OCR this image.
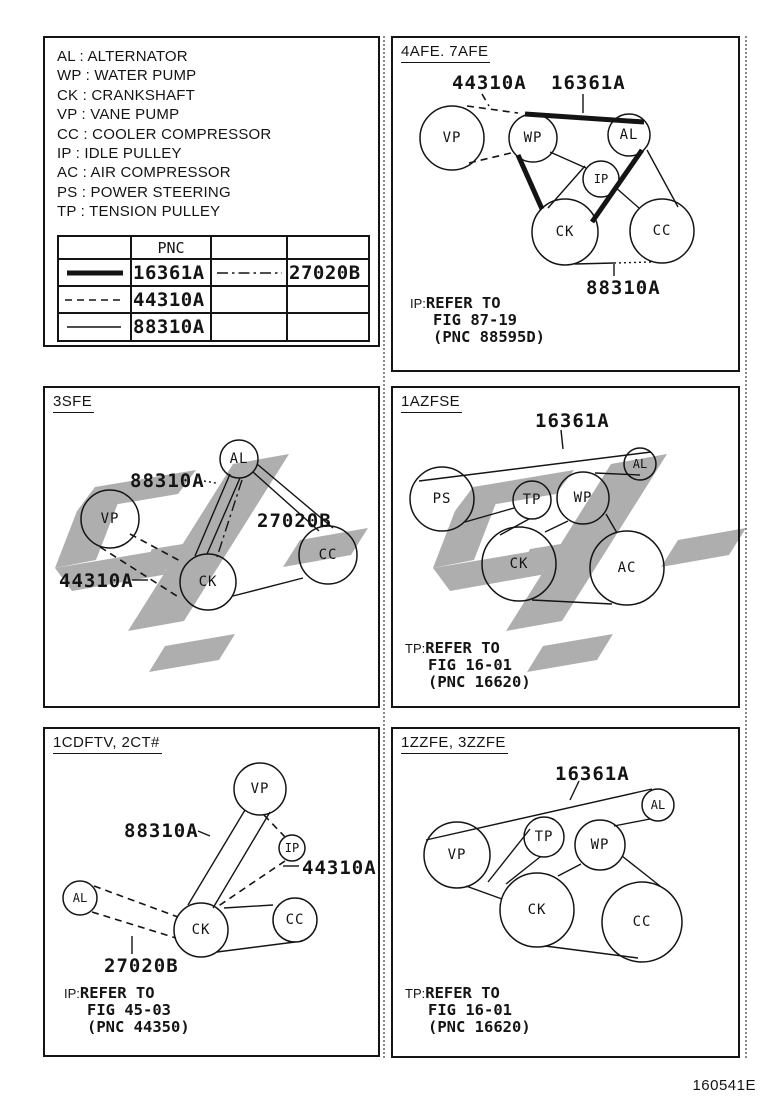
AL : ALTERNATOR
WP : WATER PUMP
CK : CRANKSHAFT
VP : VANE PUMP
CC : COOLER COMPRESSOR
IP : IDLE PULLEY
AC : AIR COMPRESSOR
PS : POWER STEERING
TP : TENSION PULLEY
PNC
16361A	27020B
44310A
88310A
4AFE. 7AFE
44310A 16361A
88310A
VP	WP	AL
IP
CK	CC
IP:REFER TO
FIG 87-19
(PNC 88595D)
3SFE
88310A
27020B
44310A
AL
VP
CK
CC
1AZFSE
16361A
PS	TP WP
AL
CK	AC
TP:REFER TO
FIG 16-01
(PNC 16620)
1CDFTV, 2CT#
88310A
44310A
27020B
VP
IP
AL
CK
CC
IP:REFER TO
FIG 45-03
(PNC 44350)
1ZZFE, 3ZZFE
16361A
AL
VP
TP	WP
CK
CC
TP:REFER TO
FIG 16-01
(PNC 16620)
160541E
